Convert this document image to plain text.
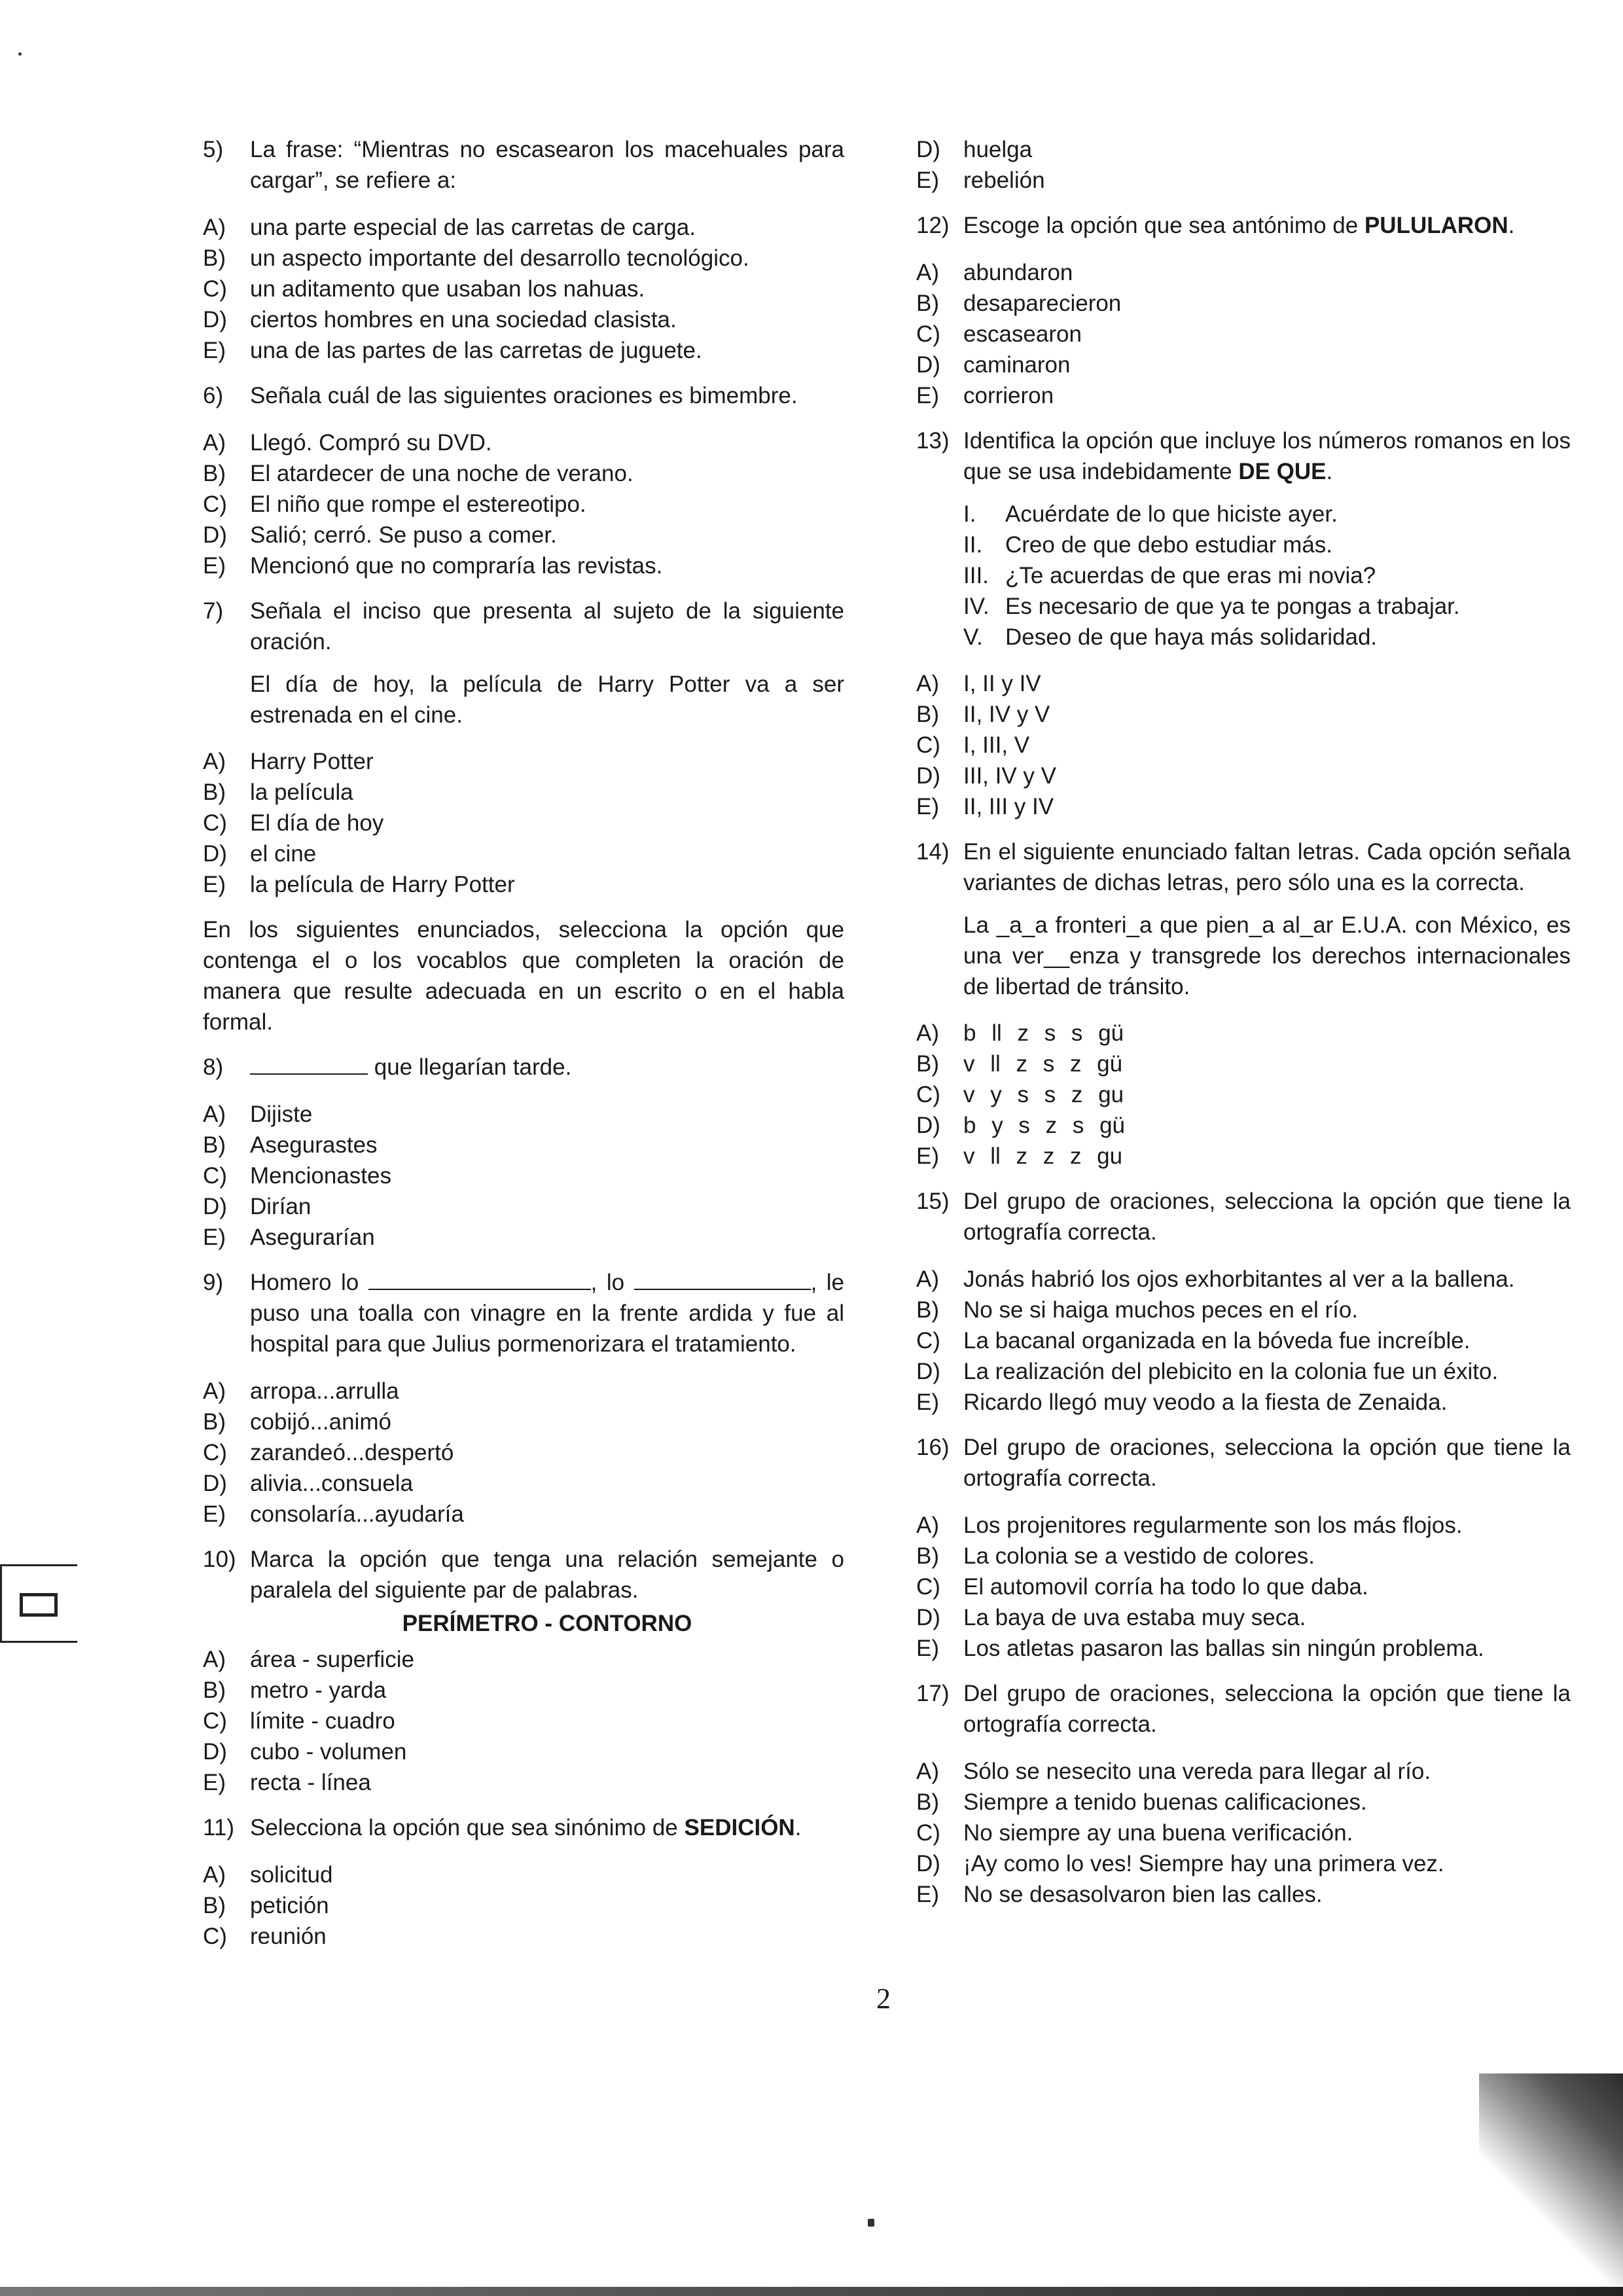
5)	La frase: “Mientras no escasearon los macehuales para cargar”, se refiere a:
A)	una parte especial de las carretas de carga.
B)	un aspecto importante del desarrollo tecnológico.
C)	un aditamento que usaban los nahuas.
D)	ciertos hombres en una sociedad clasista.
E)	una de las partes de las carretas de juguete.
6)	Señala cuál de las siguientes oraciones es bimembre.
A)	Llegó. Compró su DVD.
B)	El atardecer de una noche de verano.
C)	El niño que rompe el estereotipo.
D)	Salió; cerró. Se puso a comer.
E)	Mencionó que no compraría las revistas.
7)	Señala el inciso que presenta al sujeto de la siguiente oración.
El día de hoy, la película de Harry Potter va a ser estrenada en el cine.
A)	Harry Potter
B)	la película
C)	El día de hoy
D)	el cine
E)	la película de Harry Potter
En los siguientes enunciados, selecciona la opción que contenga el o los vocablos que completen la oración de manera que resulte adecuada en un escrito o en el habla formal.
8)	que llegarían tarde.
A)	Dijiste
B)	Asegurastes
C)	Mencionastes
D)	Dirían
E)	Asegurarían
9)	Homero lo	, lo	, le puso una toalla con vinagre en la frente ardida y fue al hospital para que Julius pormenorizara el tratamiento.
A)	arropa...arrulla
B)	cobijó...animó
C)	zarandeó...despertó
D)	alivia...consuela
E)	consolaría...ayudaría
10) Marca la opción que tenga una relación semejante o paralela del siguiente par de palabras.
PERÍMETRO - CONTORNO
A)	área - superficie
B)	metro - yarda
C)	límite - cuadro
D)	cubo - volumen
E)	recta - línea
11) Selecciona la opción que sea sinónimo de SEDICIÓN.
A)	solicitud
B)	petición
C)	reunión
D)	huelga
E)	rebelión
12) Escoge la opción que sea antónimo de PULULARON.
A)	abundaron
B)	desaparecieron
C)	escasearon
D)	caminaron
E)	corrieron
13) Identifica la opción que incluye los números romanos en los que se usa indebidamente DE QUE.
I.	Acuérdate de lo que hiciste ayer.
II. Creo de que debo estudiar más.
III. ¿Te acuerdas de que eras mi novia?
IV. Es necesario de que ya te pongas a trabajar.
V. Deseo de que haya más solidaridad.
A)	I, II y IV
B)	II, IV y V
C)	I, III, V
D)	III, IV y V
E)	II, III y IV
14) En el siguiente enunciado faltan letras. Cada opción señala variantes de dichas letras, pero sólo una es la correcta.
La _a_a fronteri_a que pien_a al_ar E.U.A. con México, es una ver__enza y transgrede los derechos internacionales de libertad de tránsito.
A)	b ll z s s gü
B)	v ll z s z gü
C)	v y s s z gu
D)	b y s z s gü
E)	v ll z z z gu
15) Del grupo de oraciones, selecciona la opción que tiene la ortografía correcta.
A)	Jonás habrió los ojos exhorbitantes al ver a la ballena.
B)	No se si haiga muchos peces en el río.
C)	La bacanal organizada en la bóveda fue increíble.
D)	La realización del plebicito en la colonia fue un éxito.
E)	Ricardo llegó muy veodo a la fiesta de Zenaida.
16) Del grupo de oraciones, selecciona la opción que tiene la ortografía correcta.
A)	Los projenitores regularmente son los más flojos.
B)	La colonia se a vestido de colores.
C)	El automovil corría ha todo lo que daba.
D)	La baya de uva estaba muy seca.
E)	Los atletas pasaron las ballas sin ningún problema.
17) Del grupo de oraciones, selecciona la opción que tiene la ortografía correcta.
A)	Sólo se nesecito una vereda para llegar al río.
B)	Siempre a tenido buenas calificaciones.
C)	No siempre ay una buena verificación.
D)	¡Ay como lo ves! Siempre hay una primera vez.
E)	No se desasolvaron bien las calles.
2
